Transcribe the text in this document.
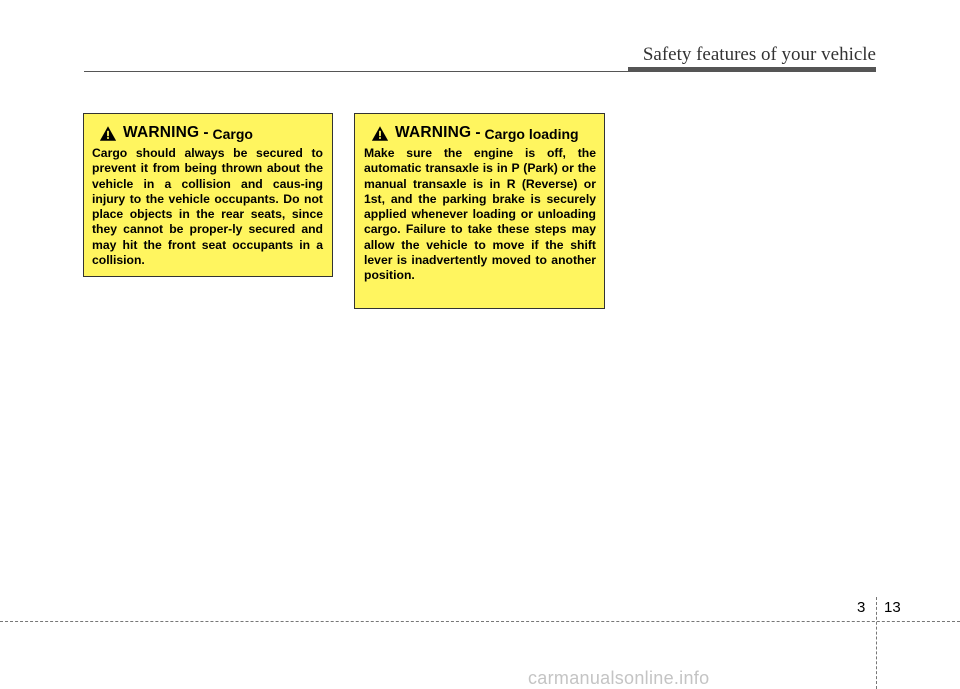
Safety features of your vehicle
WARNING - Cargo

Cargo should always be secured to prevent it from being thrown about the vehicle in a collision and caus-ing injury to the vehicle occupants. Do not place objects in the rear seats, since they cannot be proper-ly secured and may hit the front seat occupants in a collision.

WARNING - Cargo loading

Make sure the engine is off, the automatic transaxle is in P (Park) or the manual transaxle is in R (Reverse) or 1st, and the parking brake is securely applied whenever loading or unloading cargo. Failure to take these steps may allow the vehicle to move if the shift lever is inadvertently moved to another position.

3 13
carmanualsonline.info
